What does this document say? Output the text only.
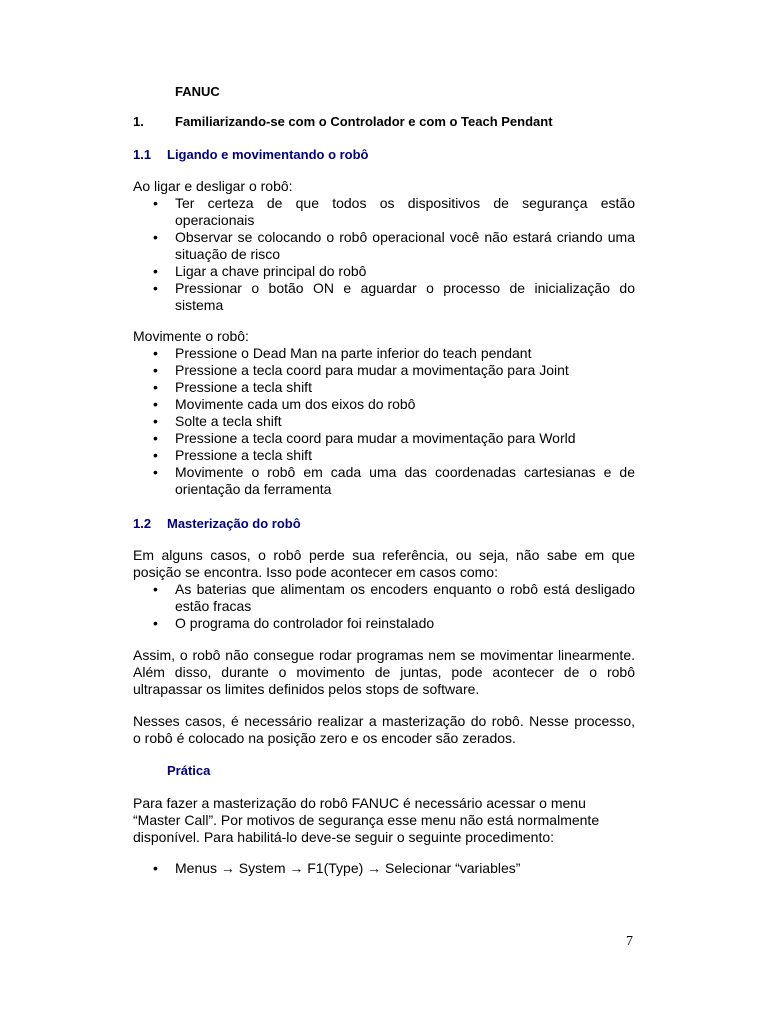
FANUC
1. Familiarizando-se com o Controlador e com o Teach Pendant
1.1 Ligando e movimentando o robô
Ao ligar e desligar o robô:
• Ter certeza de que todos os dispositivos de segurança estão
operacionais
• Observar se colocando o robô operacional você não estará criando uma
situação de risco
• Ligar a chave principal do robô
• Pressionar o botão ON e aguardar o processo de inicialização do
sistema
Movimente o robô:
• Pressione o Dead Man na parte inferior do teach pendant
• Pressione a tecla coord para mudar a movimentação para Joint
• Pressione a tecla shift
• Movimente cada um dos eixos do robô
• Solte a tecla shift
• Pressione a tecla coord para mudar a movimentação para World
• Pressione a tecla shift
• Movimente o robô em cada uma das coordenadas cartesianas e de
orientação da ferramenta
1.2 Masterização do robô
Em alguns casos, o robô perde sua referência, ou seja, não sabe em que
posição se encontra. Isso pode acontecer em casos como:
• As baterias que alimentam os encoders enquanto o robô está desligado
estão fracas
• O programa do controlador foi reinstalado
Assim, o robô não consegue rodar programas nem se movimentar linearmente.
Além disso, durante o movimento de juntas, pode acontecer de o robô
ultrapassar os limites definidos pelos stops de software.
Nesses casos, é necessário realizar a masterização do robô. Nesse processo,
o robô é colocado na posição zero e os encoder são zerados.
Prática
Para fazer a masterização do robô FANUC é necessário acessar o menu
“Master Call”. Por motivos de segurança esse menu não está normalmente
disponível. Para habilitá-lo deve-se seguir o seguinte procedimento:
• Menus → System → F1(Type) → Selecionar “variables”
7
